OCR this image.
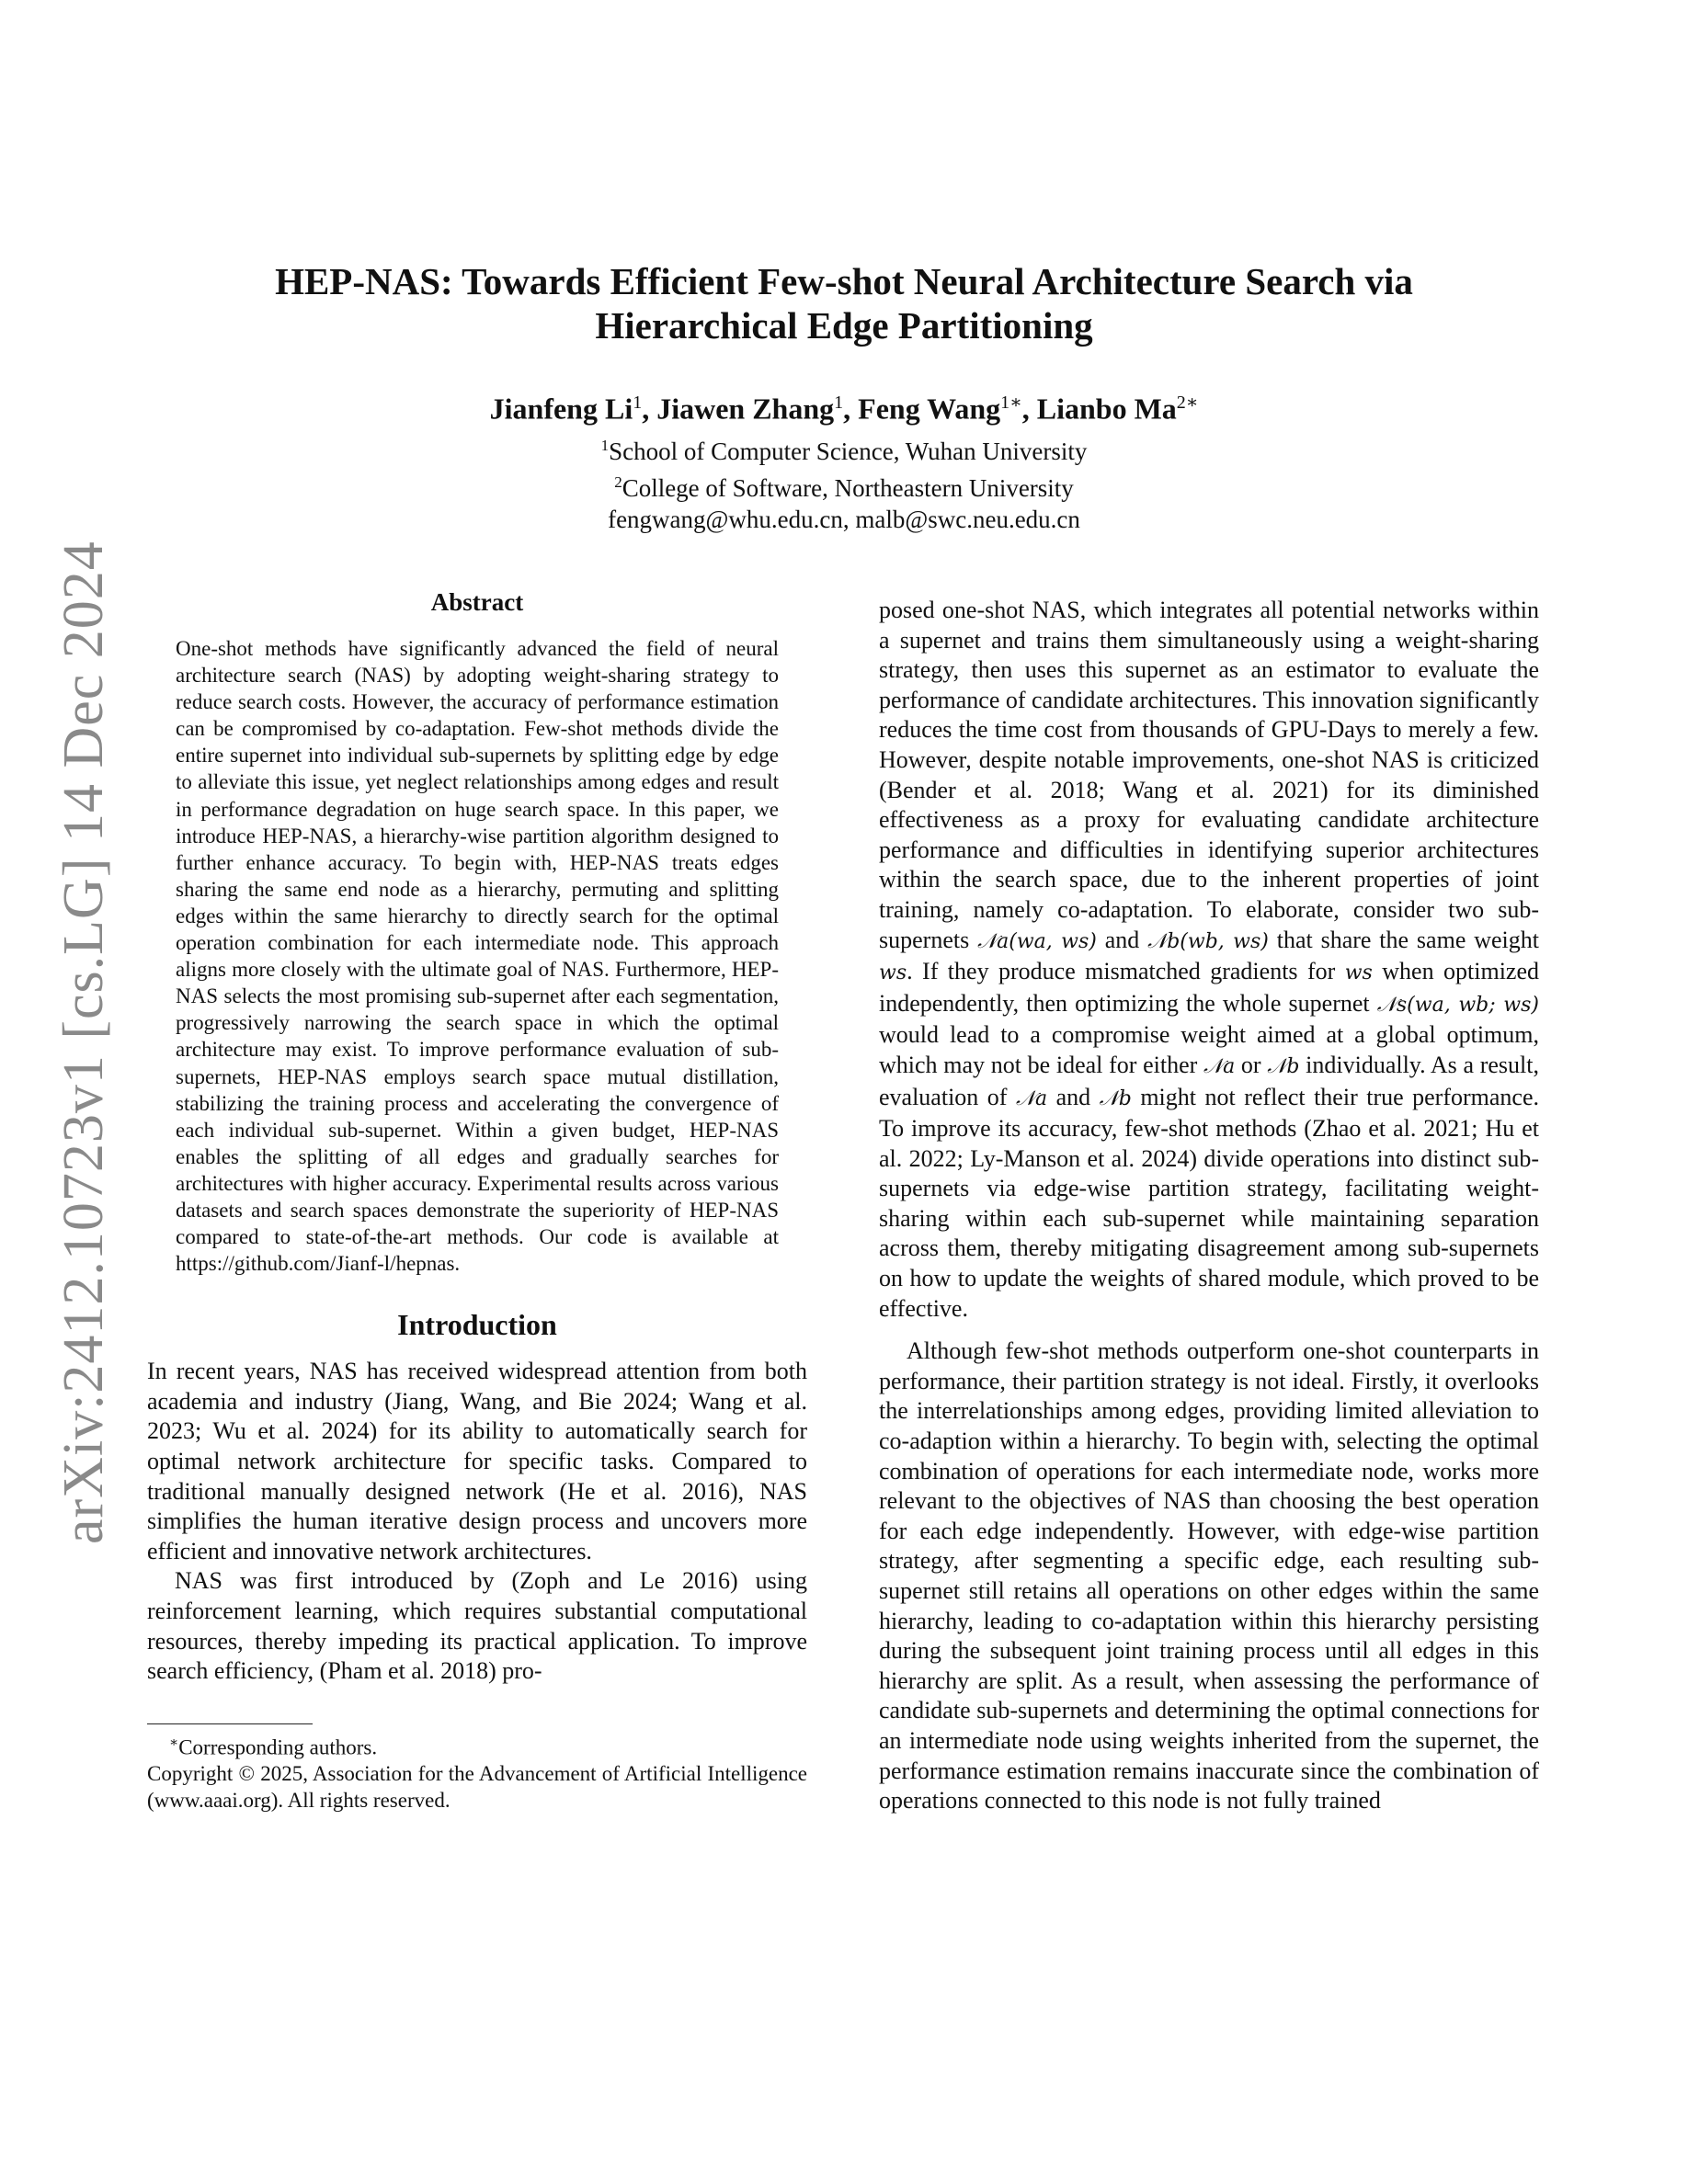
arXiv:2412.10723v1 [cs.LG] 14 Dec 2024
HEP-NAS: Towards Efficient Few-shot Neural Architecture Search via
Hierarchical Edge Partitioning
Jianfeng Li$^1$, Jiawen Zhang$^1$, Feng Wang$^{1∗}$, Lianbo $Ma^{2∗}$
$^1$School of Computer Science, Wuhan University
$^2$College of Software, Northeastern University
fengwang@whu.edu.cn, malb@swc.neu.edu.cn
Abstract

One-shot methods have significantly advanced the field of neural architecture search (NAS) by adopting weight-sharing strategy to reduce search costs. However, the accuracy of performance estimation can be compromised by co-adaptation. Few-shot methods divide the entire supernet into individual sub-supernets by splitting edge by edge to alleviate this issue, yet neglect relationships among edges and result in performance degradation on huge search space. In this paper, we introduce HEP-NAS, a hierarchy-wise partition algorithm designed to further enhance accuracy. To begin with, HEP-NAS treats edges sharing the same end node as a hierarchy, permuting and splitting edges within the same hierarchy to directly search for the optimal operation combination for each intermediate node. This approach aligns more closely with the ultimate goal of NAS. Furthermore, HEP-NAS selects the most promising sub-supernet after each segmentation, progressively narrowing the search space in which the optimal architecture may exist. To improve performance evaluation of sub-supernets, HEP-NAS employs search space mutual distillation, stabilizing the training process and accelerating the convergence of each individual sub-supernet. Within a given budget, HEP-NAS enables the splitting of all edges and gradually searches for architectures with higher accuracy. Experimental results across various datasets and search spaces demonstrate the superiority of HEP-NAS compared to state-of-the-art methods. Our code is available at https://github.com/Jianf-l/hepnas.

Introduction

In recent years, NAS has received widespread attention from both academia and industry (Jiang, Wang, and Bie 2024; Wang et al. 2023; Wu et al. 2024) for its ability to automatically search for optimal network architecture for specific tasks. Compared to traditional manually designed network (He et al. 2016), NAS simplifies the human iterative design process and uncovers more efficient and innovative network architectures.

NAS was first introduced by (Zoph and Le 2016) using reinforcement learning, which requires substantial computational resources, thereby impeding its practical application. To improve search efficiency, (Pham et al. 2018) pro-

∗Corresponding authors.

Copyright © 2025, Association for the Advancement of Artificial Intelligence (www.aaai.org). All rights reserved.

posed one-shot NAS, which integrates all potential networks within a supernet and trains them simultaneously using a weight-sharing strategy, then uses this supernet as an estimator to evaluate the performance of candidate architectures. This innovation significantly reduces the time cost from thousands of GPU-Days to merely a few. However, despite notable improvements, one-shot NAS is criticized (Bender et al. 2018; Wang et al. 2021) for its diminished effectiveness as a proxy for evaluating candidate architecture performance and difficulties in identifying superior architectures within the search space, due to the inherent properties of joint training, namely co-adaptation. To elaborate, consider two sub-supernets 𝒩a(wa, ws) and 𝒩b(wb, ws) that share the same weight ws. If they produce mismatched gradients for ws when optimized independently, then optimizing the whole supernet 𝒩s(wa, wb; ws) would lead to a compromise weight aimed at a global optimum, which may not be ideal for either 𝒩a or 𝒩b individually. As a result, evaluation of 𝒩a and 𝒩b might not reflect their true performance. To improve its accuracy, few-shot methods (Zhao et al. 2021; Hu et al. 2022; Ly-Manson et al. 2024) divide operations into distinct sub-supernets via edge-wise partition strategy, facilitating weight-sharing within each sub-supernet while maintaining separation across them, thereby mitigating disagreement among sub-supernets on how to update the weights of shared module, which proved to be effective.

Although few-shot methods outperform one-shot counterparts in performance, their partition strategy is not ideal. Firstly, it overlooks the interrelationships among edges, providing limited alleviation to co-adaption within a hierarchy. To begin with, selecting the optimal combination of operations for each intermediate node, works more relevant to the objectives of NAS than choosing the best operation for each edge independently. However, with edge-wise partition strategy, after segmenting a specific edge, each resulting sub-supernet still retains all operations on other edges within the same hierarchy, leading to co-adaptation within this hierarchy persisting during the subsequent joint training process until all edges in this hierarchy are split. As a result, when assessing the performance of candidate sub-supernets and determining the optimal connections for an intermediate node using weights inherited from the supernet, the performance estimation remains inaccurate since the combination of operations connected to this node is not fully trained
